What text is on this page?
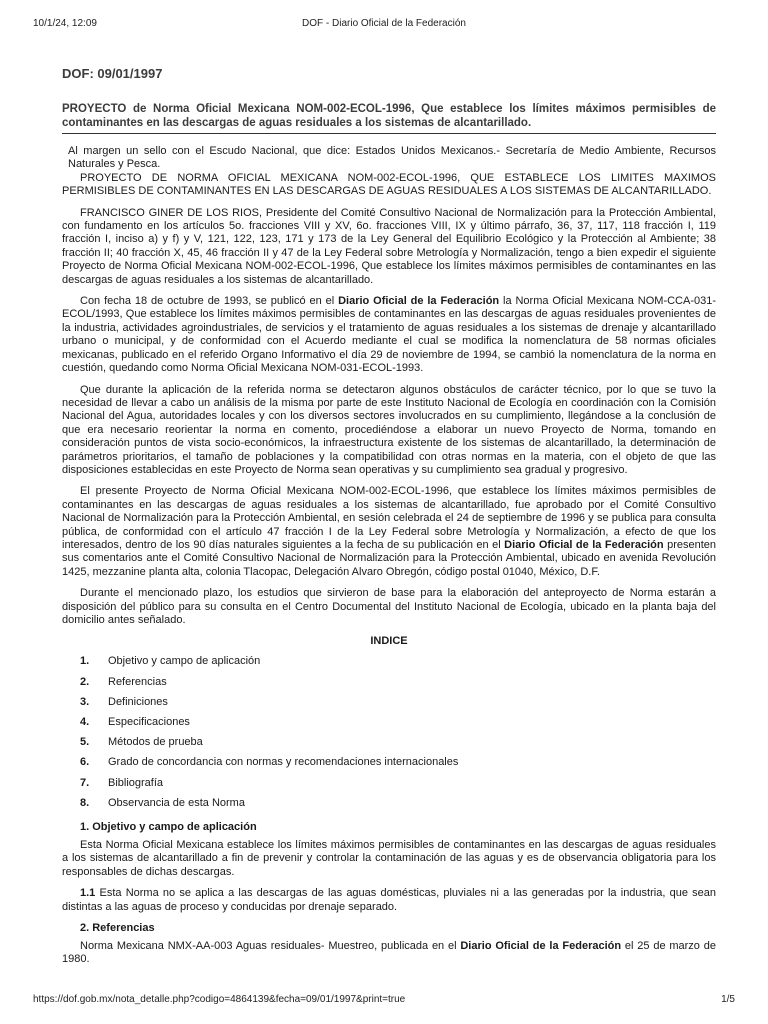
10/1/24, 12:09	DOF - Diario Oficial de la Federación
DOF: 09/01/1997
PROYECTO de Norma Oficial Mexicana NOM-002-ECOL-1996, Que establece los límites máximos permisibles de contaminantes en las descargas de aguas residuales a los sistemas de alcantarillado.

Al margen un sello con el Escudo Nacional, que dice: Estados Unidos Mexicanos.- Secretaría de Medio Ambiente, Recursos Naturales y Pesca.

PROYECTO DE NORMA OFICIAL MEXICANA NOM-002-ECOL-1996, QUE ESTABLECE LOS LIMITES MAXIMOS PERMISIBLES DE CONTAMINANTES EN LAS DESCARGAS DE AGUAS RESIDUALES A LOS SISTEMAS DE ALCANTARILLADO.

FRANCISCO GINER DE LOS RIOS, Presidente del Comité Consultivo Nacional de Normalización para la Protección Ambiental, con fundamento en los artículos 5o. fracciones VIII y XV, 6o. fracciones VIII, IX y último párrafo, 36, 37, 117, 118 fracción I, 119 fracción I, inciso a) y f) y V, 121, 122, 123, 171 y 173 de la Ley General del Equilibrio Ecológico y la Protección al Ambiente; 38 fracción II; 40 fracción X, 45, 46 fracción II y 47 de la Ley Federal sobre Metrología y Normalización, tengo a bien expedir el siguiente Proyecto de Norma Oficial Mexicana NOM-002-ECOL-1996, Que establece los límites máximos permisibles de contaminantes en las descargas de aguas residuales a los sistemas de alcantarillado.

Con fecha 18 de octubre de 1993, se publicó en el Diario Oficial de la Federación la Norma Oficial Mexicana NOM-CCA-031-ECOL/1993, Que establece los límites máximos permisibles de contaminantes en las descargas de aguas residuales provenientes de la industria, actividades agroindustriales, de servicios y el tratamiento de aguas residuales a los sistemas de drenaje y alcantarillado urbano o municipal, y de conformidad con el Acuerdo mediante el cual se modifica la nomenclatura de 58 normas oficiales mexicanas, publicado en el referido Organo Informativo el día 29 de noviembre de 1994, se cambió la nomenclatura de la norma en cuestión, quedando como Norma Oficial Mexicana NOM-031-ECOL-1993.

Que durante la aplicación de la referida norma se detectaron algunos obstáculos de carácter técnico, por lo que se tuvo la necesidad de llevar a cabo un análisis de la misma por parte de este Instituto Nacional de Ecología en coordinación con la Comisión Nacional del Agua, autoridades locales y con los diversos sectores involucrados en su cumplimiento, llegándose a la conclusión de que era necesario reorientar la norma en comento, procediéndose a elaborar un nuevo Proyecto de Norma, tomando en consideración puntos de vista socio-económicos, la infraestructura existente de los sistemas de alcantarillado, la determinación de parámetros prioritarios, el tamaño de poblaciones y la compatibilidad con otras normas en la materia, con el objeto de que las disposiciones establecidas en este Proyecto de Norma sean operativas y su cumplimiento sea gradual y progresivo.

El presente Proyecto de Norma Oficial Mexicana NOM-002-ECOL-1996, que establece los límites máximos permisibles de contaminantes en las descargas de aguas residuales a los sistemas de alcantarillado, fue aprobado por el Comité Consultivo Nacional de Normalización para la Protección Ambiental, en sesión celebrada el 24 de septiembre de 1996 y se publica para consulta pública, de conformidad con el artículo 47 fracción I de la Ley Federal sobre Metrología y Normalización, a efecto de que los interesados, dentro de los 90 días naturales siguientes a la fecha de su publicación en el Diario Oficial de la Federación presenten sus comentarios ante el Comité Consultivo Nacional de Normalización para la Protección Ambiental, ubicado en avenida Revolución 1425, mezzanine planta alta, colonia Tlacopac, Delegación Alvaro Obregón, código postal 01040, México, D.F.

Durante el mencionado plazo, los estudios que sirvieron de base para la elaboración del anteproyecto de Norma estarán a disposición del público para su consulta en el Centro Documental del Instituto Nacional de Ecología, ubicado en la planta baja del domicilio antes señalado.

INDICE
1.	Objetivo y campo de aplicación
2.	Referencias
3.	Definiciones
4.	Especificaciones
5.	Métodos de prueba
6.	Grado de concordancia con normas y recomendaciones internacionales
7.	Bibliografía
8.	Observancia de esta Norma
1. Objetivo y campo de aplicación

Esta Norma Oficial Mexicana establece los límites máximos permisibles de contaminantes en las descargas de aguas residuales a los sistemas de alcantarillado a fin de prevenir y controlar la contaminación de las aguas y es de observancia obligatoria para los responsables de dichas descargas.

1.1 Esta Norma no se aplica a las descargas de las aguas domésticas, pluviales ni a las generadas por la industria, que sean distintas a las aguas de proceso y conducidas por drenaje separado.

2. Referencias

Norma Mexicana NMX-AA-003 Aguas residuales- Muestreo, publicada en el Diario Oficial de la Federación el 25 de marzo de 1980.

https://dof.gob.mx/nota_detalle.php?codigo=4864139&fecha=09/01/1997&print=true	1/5
